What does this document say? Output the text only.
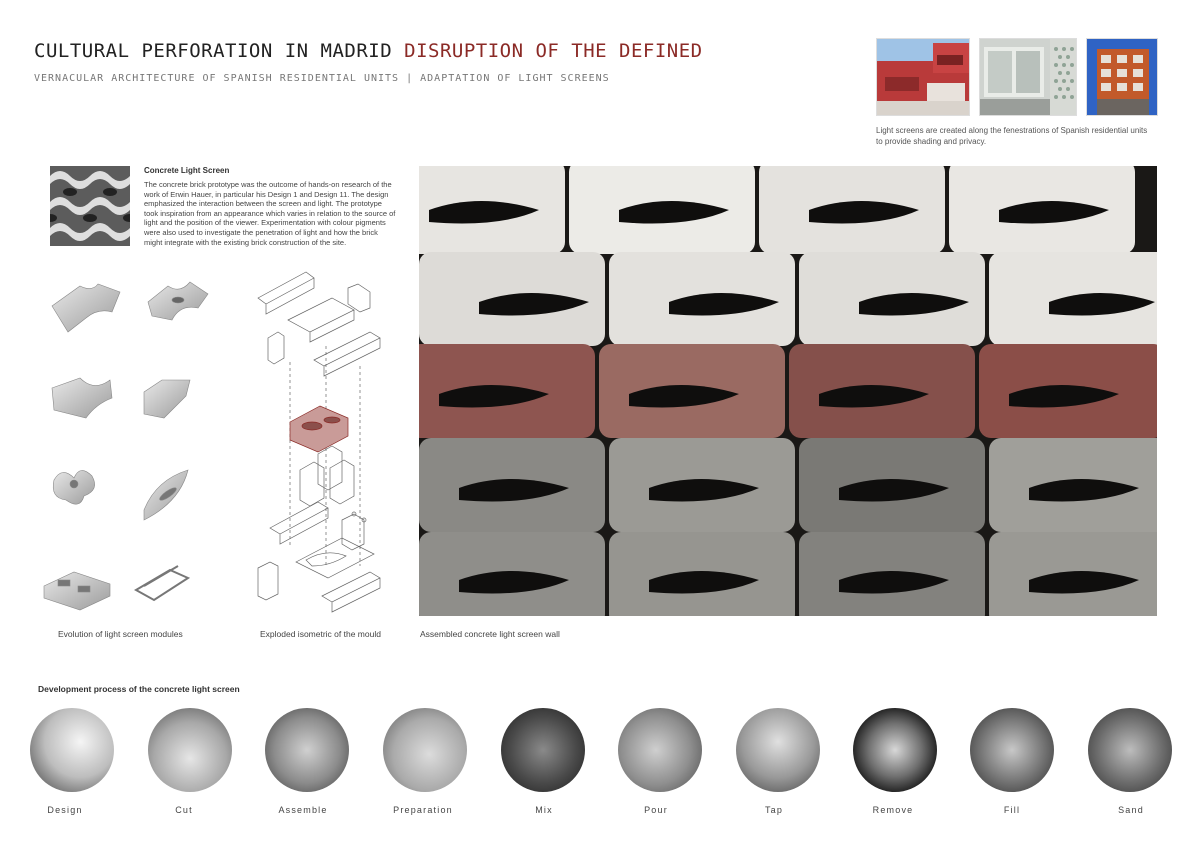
CULTURAL PERFORATION IN MADRID DISRUPTION OF THE DEFINED
VERNACULAR ARCHITECTURE OF SPANISH RESIDENTIAL UNITS | ADAPTATION OF LIGHT SCREENS
Light screens are created along the fenestrations of Spanish residential units to provide shading and privacy.
Concrete Light Screen
The concrete brick prototype was the outcome of hands-on research of the work of Erwin Hauer, in particular his Design 1 and Design 11. The design emphasized the interaction between the screen and light. The prototype took inspiration from an appearance which varies in relation to the source of light and the position of the viewer. Experimentation with colour pigments were also used to investigate the penetration of light and how the brick might integrate with the existing brick construction of the site.
Evolution of light screen modules	Exploded isometric of the mould	Assembled concrete light screen wall
Development process of the concrete light screen
Design	Cut	Assemble	Preparation	Mix	Pour	Tap	Remove	Fill	Sand
